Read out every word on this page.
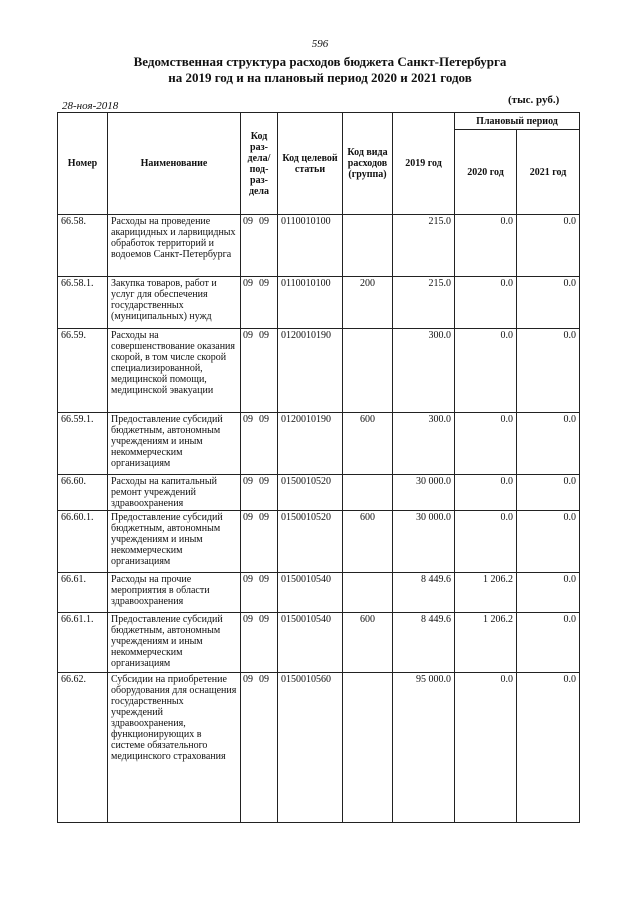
596
Ведомственная структура расходов бюджета Санкт-Петербурга
на 2019 год и на плановый период 2020 и 2021 годов
28-ноя-2018	(тыс. руб.)
Номер	Наименование	Код раз-дела/ под-раз-дела	Код целевой статьи	Код вида расходов (группа)	2019 год	Плановый период	
						2020 год	2021 год
66.58.	Расходы на проведение акарицидных и ларвицидных обработок территорий и водоемов Санкт-Петербурга	09 09	0110010100		215.0	0.0	0.0
66.58.1.	Закупка товаров, работ и услуг для обеспечения государственных (муниципальных) нужд	09 09	0110010100	200	215.0	0.0	0.0
66.59.	Расходы на совершенствование оказания скорой, в том числе скорой специализированной, медицинской помощи, медицинской эвакуации	09 09	0120010190		300.0	0.0	0.0
66.59.1.	Предоставление субсидий бюджетным, автономным учреждениям и иным некоммерческим организациям	09 09	0120010190	600	300.0	0.0	0.0
66.60.	Расходы на капитальный ремонт учреждений здравоохранения	09 09	0150010520		30 000.0	0.0	0.0
66.60.1.	Предоставление субсидий бюджетным, автономным учреждениям и иным некоммерческим организациям	09 09	0150010520	600	30 000.0	0.0	0.0
66.61.	Расходы на прочие мероприятия в области здравоохранения	09 09	0150010540		8 449.6	1 206.2	0.0
66.61.1.	Предоставление субсидий бюджетным, автономным учреждениям и иным некоммерческим организациям	09 09	0150010540	600	8 449.6	1 206.2	0.0
66.62.	Субсидии на приобретение оборудования для оснащения государственных учреждений здравоохранения, функционирующих в системе обязательного медицинского страхования	09 09	0150010560		95 000.0	0.0	0.0
